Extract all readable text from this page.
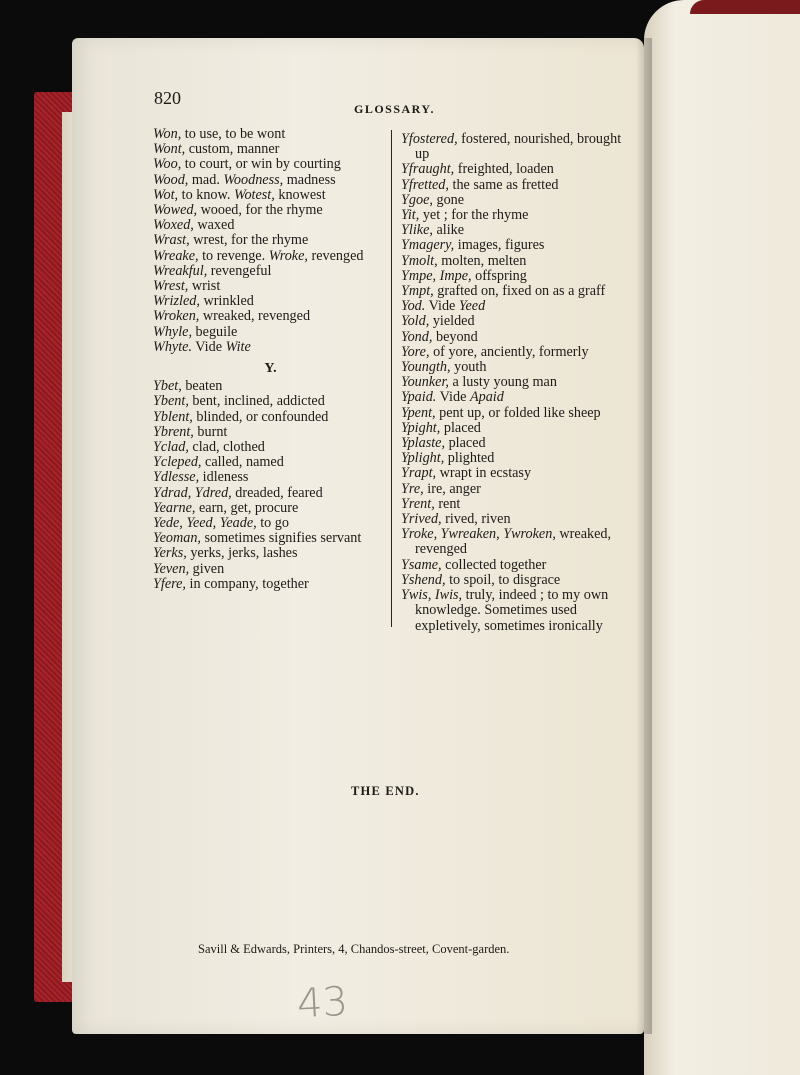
820
GLOSSARY.

Won, to use, to be wont

Wont, custom, manner

Woo, to court, or win by courting

Wood, mad. Woodness, madness

Wot, to know. Wotest, knowest

Wowed, wooed, for the rhyme

Woxed, waxed

Wrast, wrest, for the rhyme

Wreake, to revenge. Wroke, revenged

Wreakful, revengeful

Wrest, wrist

Wrizled, wrinkled

Wroken, wreaked, revenged

Whyle, beguile

Whyte. Vide Wite

Y.

Ybet, beaten

Ybent, bent, inclined, addicted

Yblent, blinded, or confounded

Ybrent, burnt

Yclad, clad, clothed

Ycleped, called, named

Ydlesse, idleness

Ydrad, Ydred, dreaded, feared

Yearne, earn, get, procure

Yede, Yeed, Yeade, to go

Yeoman, sometimes signifies servant

Yerks, yerks, jerks, lashes

Yeven, given

Yfere, in company, together

Yfostered, fostered, nourished, brought up

Yfraught, freighted, loaden

Yfretted, the same as fretted

Ygoe, gone

Yit, yet ; for the rhyme

Ylike, alike

Ymagery, images, figures

Ymolt, molten, melten

Ympe, Impe, offspring

Ympt, grafted on, fixed on as a graff

Yod. Vide Yeed

Yold, yielded

Yond, beyond

Yore, of yore, anciently, formerly

Youngth, youth

Younker, a lusty young man

Ypaid. Vide Apaid

Ypent, pent up, or folded like sheep

Ypight, placed

Yplaste, placed

Yplight, plighted

Yrapt, wrapt in ecstasy

Yre, ire, anger

Yrent, rent

Yrived, rived, riven

Yroke, Ywreaken, Ywroken, wreaked, revenged

Ysame, collected together

Yshend, to spoil, to disgrace

Ywis, Iwis, truly, indeed ; to my own knowledge. Sometimes used expletively, sometimes ironically

THE END.
Savill & Edwards, Printers, 4, Chandos-street, Covent-garden.
43
